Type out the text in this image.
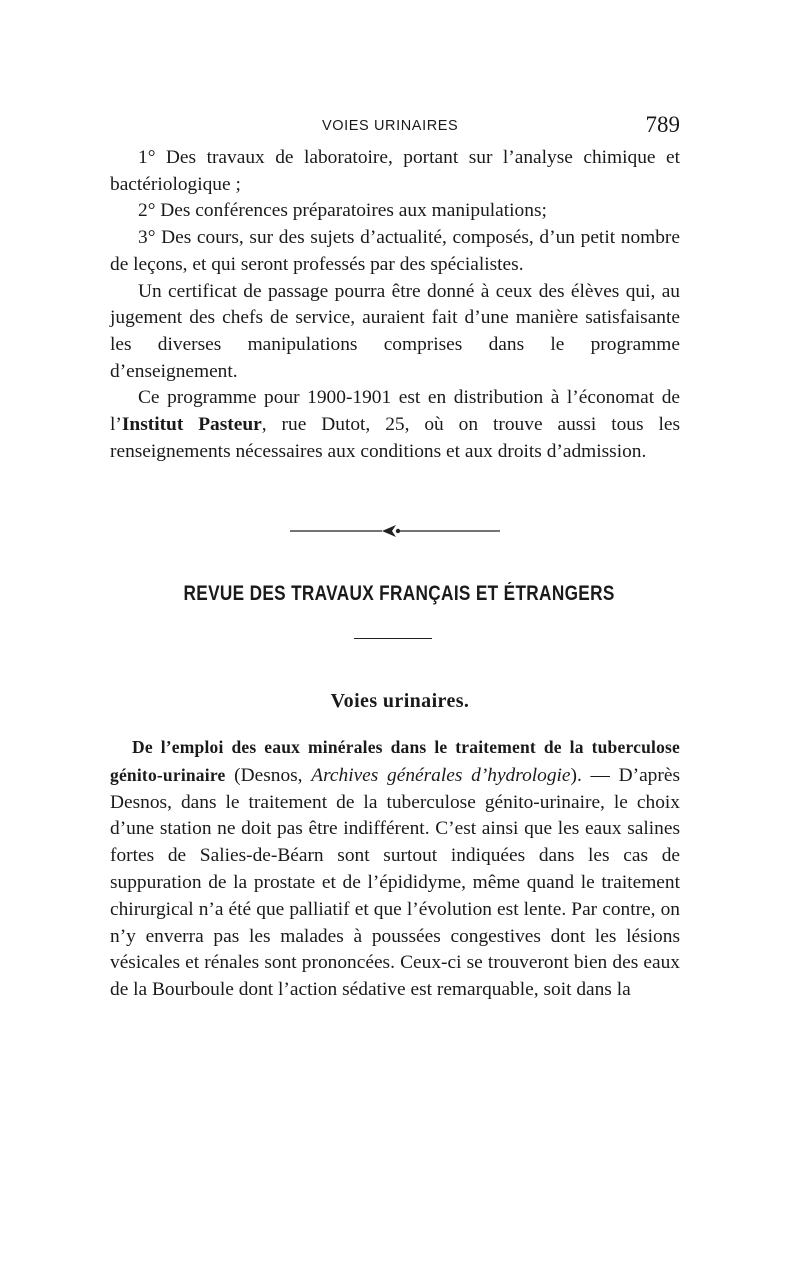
VOIES URINAIRES	789

1° Des travaux de laboratoire, portant sur l’analyse chimique et bactériologique ;

2° Des conférences préparatoires aux manipulations;

3° Des cours, sur des sujets d’actualité, composés, d’un petit nombre de leçons, et qui seront professés par des spécialistes.

Un certificat de passage pourra être donné à ceux des élèves qui, au jugement des chefs de service, auraient fait d’une manière satisfaisante les diverses manipulations comprises dans le programme d’enseignement.

Ce programme pour 1900-1901 est en distribution à l’économat de l’Institut Pasteur, rue Dutot, 25, où on trouve aussi tous les renseignements nécessaires aux conditions et aux droits d’admission.

REVUE DES TRAVAUX FRANÇAIS ET ÉTRANGERS
Voies urinaires.

De l’emploi des eaux minérales dans le traitement de la tuberculose génito-urinaire (Desnos, Archives générales d’hydrologie). — D’après Desnos, dans le traitement de la tuberculose génito-urinaire, le choix d’une station ne doit pas être indifférent. C’est ainsi que les eaux salines fortes de Salies-de-Béarn sont surtout indiquées dans les cas de suppuration de la prostate et de l’épididyme, même quand le traitement chirurgical n’a été que palliatif et que l’évolution est lente. Par contre, on n’y enverra pas les malades à poussées congestives dont les lésions vésicales et rénales sont prononcées. Ceux-ci se trouveront bien des eaux de la Bourboule dont l’action sédative est remarquable, soit dans la
